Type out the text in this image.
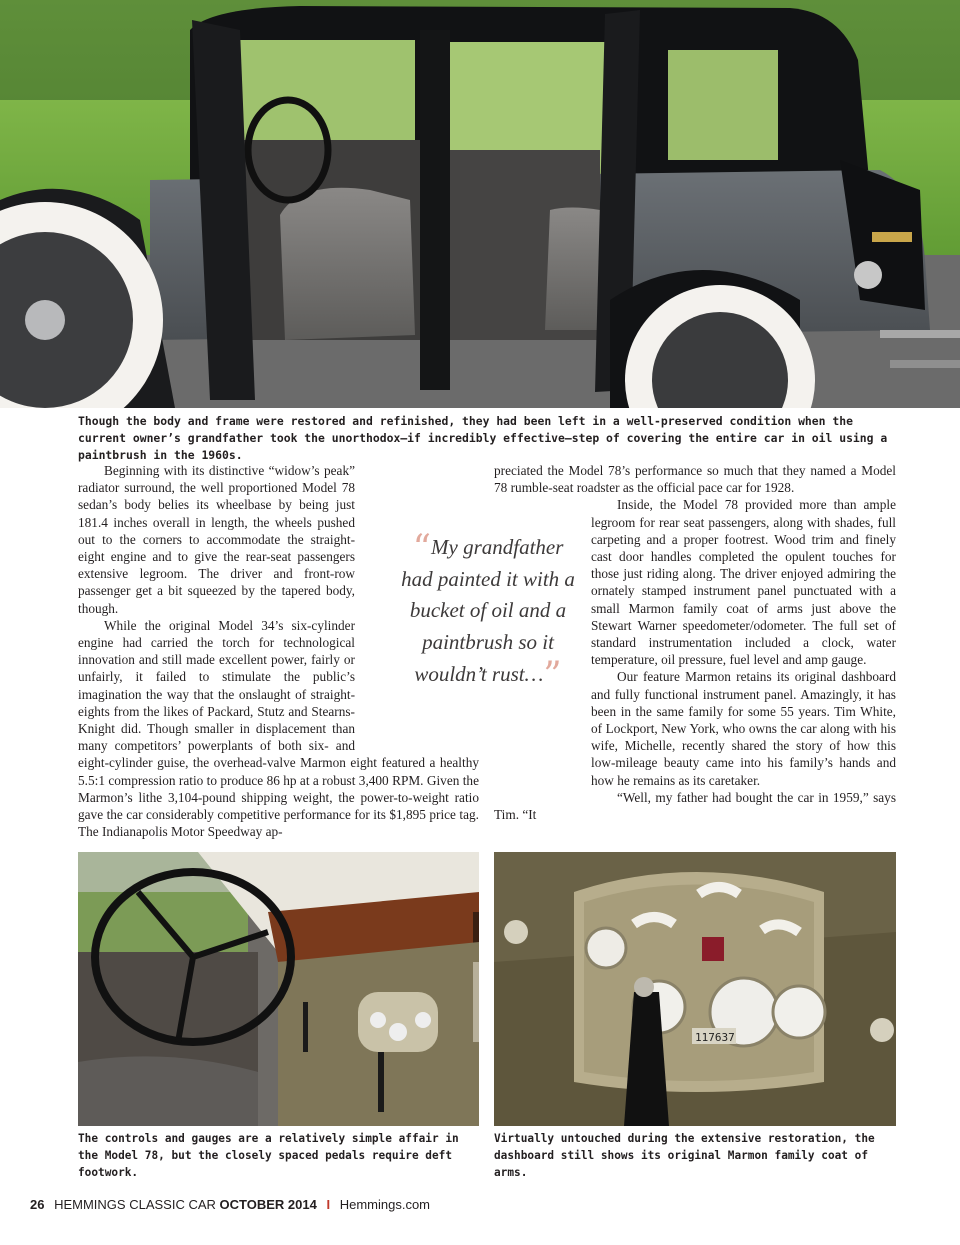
Though the body and frame were restored and refinished, they had been left in a well-preserved condition when the current owner’s grandfather took the unorthodox—if incredibly effective—step of covering the entire car in oil using a paintbrush in the 1960s.

Beginning with its distinctive “widow’s peak” radiator surround, the well proportioned Model 78 sedan’s body belies its wheelbase by being just 181.4 inches overall in length, the wheels pushed out to the corners to accommodate the straight-eight engine and to give the rear-seat passengers extensive legroom. The driver and front-row passenger get a bit squeezed by the tapered body, though.

While the original Model 34’s six-cylinder engine had carried the torch for technological innovation and still made excellent power, fairly or unfairly, it failed to stimulate the public’s imagination the way that the onslaught of straight-eights from the likes of Packard, Stutz and Stearns-Knight did. Though smaller in displacement than many competitors’ powerplants of both six- and eight-cylinder guise, the overhead-valve Marmon eight featured a healthy 5.5:1 compression ratio to produce 86 hp at a robust 3,400 RPM. Given the Marmon’s lithe 3,104-pound shipping weight, the power-to-weight ratio gave the car considerably competitive performance for its $1,895 price tag. The Indianapolis Motor Speedway ap-

preciated the Model 78’s performance so much that they named a Model 78 rumble-seat roadster as the official pace car for 1928.

Inside, the Model 78 provided more than ample legroom for rear seat passengers, along with shades, full carpeting and a proper footrest. Wood trim and finely cast door handles completed the opulent touches for those just riding along. The driver enjoyed admiring the ornately stamped instrument panel punctuated with a small Marmon family coat of arms just above the Stewart Warner speedometer/odometer. The full set of standard instrumentation included a clock, water temperature, oil pressure, fuel level and amp gauge.

Our feature Marmon retains its original dashboard and fully functional instrument panel. Amazingly, it has been in the same family for some 55 years. Tim White, of Lockport, New York, who owns the car along with his wife, Michelle, recently shared the story of how this low-mileage beauty came into his family’s hands and how he remains as its caretaker.

“Well, my father had bought the car in 1959,” says Tim. “It

“My grandfather had painted it with a bucket of oil and a paintbrush so it wouldn’t rust…”
The controls and gauges are a relatively simple affair in the Model 78, but the closely spaced pedals require deft footwork.
117637
Virtually untouched during the extensive restoration, the dashboard still shows its original Marmon family coat of arms.
26 HEMMINGS CLASSIC CAR OCTOBER 2014 I Hemmings.com
